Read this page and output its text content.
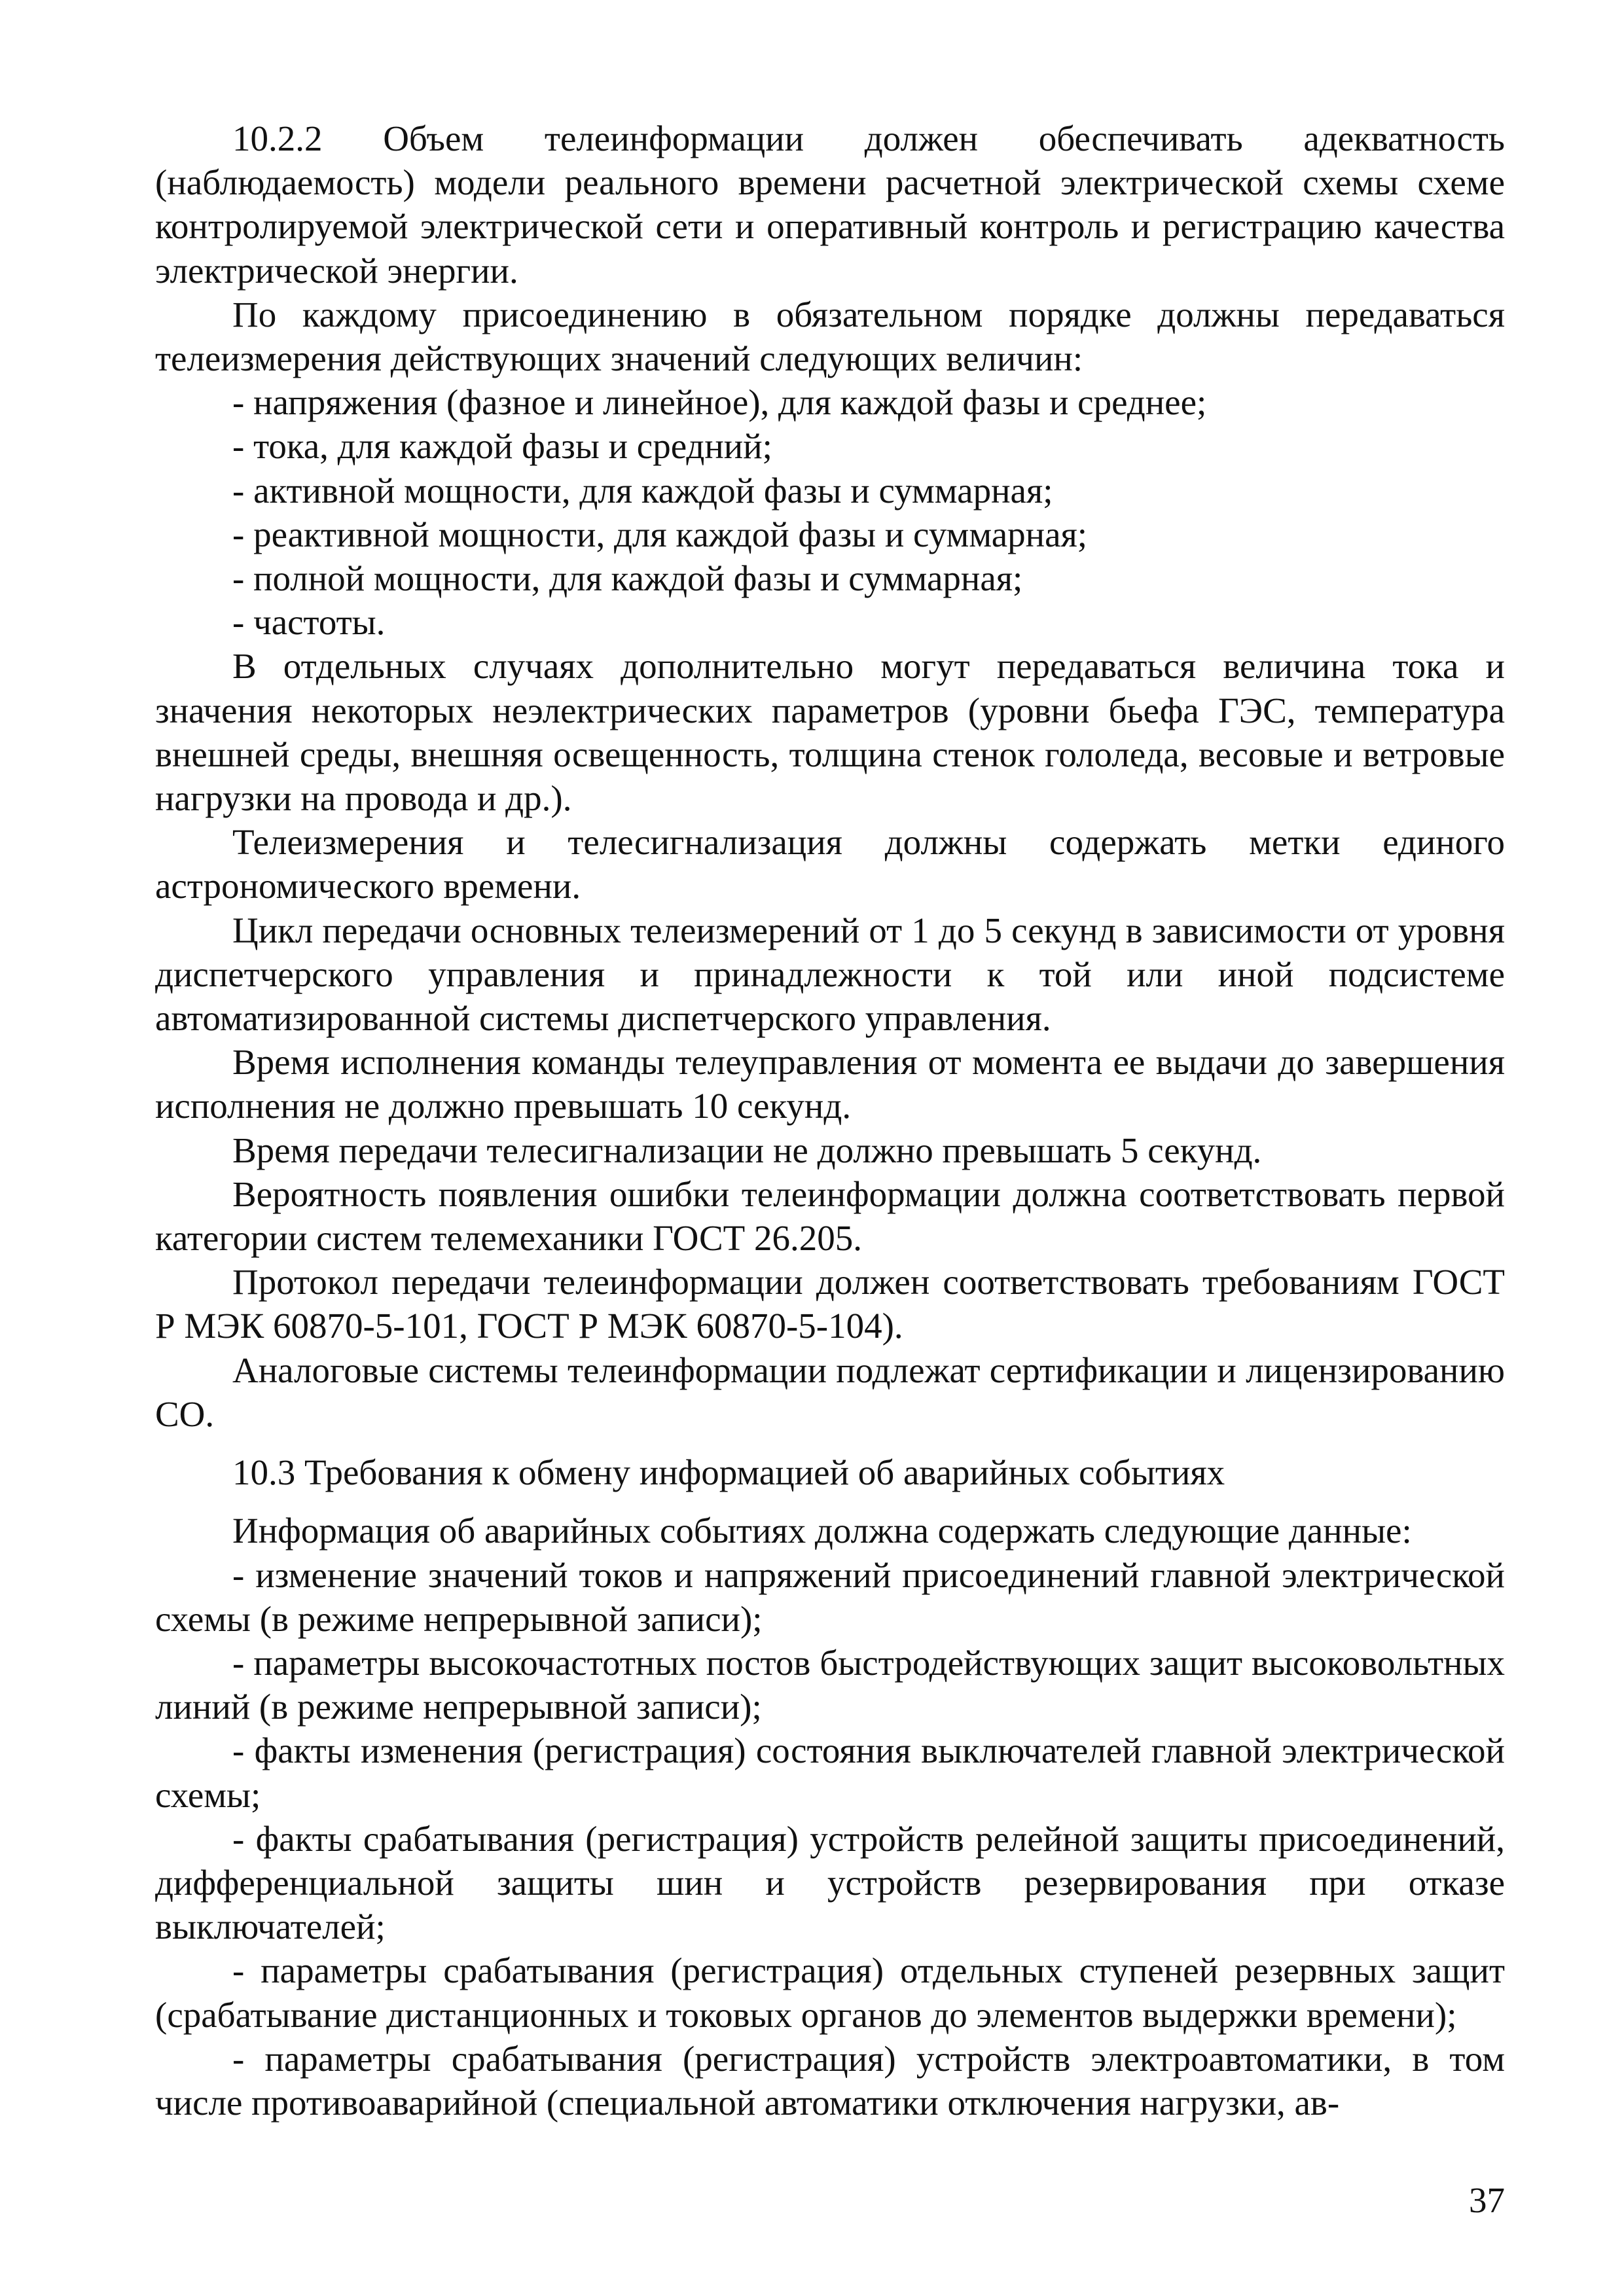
10.2.2 Объем телеинформации должен обеспечивать адекватность (наблюдаемость) модели реального времени расчетной электрической схемы схеме контролируемой электрической сети и оперативный контроль и регистрацию качества электрической энергии.

По каждому присоединению в обязательном порядке должны передаваться телеизмерения действующих значений следующих величин:

- напряжения (фазное и линейное), для каждой фазы и среднее;

- тока, для каждой фазы и средний;

- активной мощности, для каждой фазы и суммарная;

- реактивной мощности, для каждой фазы и суммарная;

- полной мощности, для каждой фазы и суммарная;

- частоты.

В отдельных случаях дополнительно могут передаваться величина тока и значения некоторых неэлектрических параметров (уровни бьефа ГЭС, температура внешней среды, внешняя освещенность, толщина стенок гололеда, весовые и ветровые нагрузки на провода и др.).

Телеизмерения и телесигнализация должны содержать метки единого астрономического времени.

Цикл передачи основных телеизмерений от 1 до 5 секунд в зависимости от уровня диспетчерского управления и принадлежности к той или иной подсистеме автоматизированной системы диспетчерского управления.

Время исполнения команды телеуправления от момента ее выдачи до завершения исполнения не должно превышать 10 секунд.

Время передачи телесигнализации не должно превышать 5 секунд.

Вероятность появления ошибки телеинформации должна соответствовать первой категории систем телемеханики ГОСТ 26.205.

Протокол передачи телеинформации должен соответствовать требованиям ГОСТ Р МЭК 60870-5-101, ГОСТ Р МЭК 60870-5-104).

Аналоговые системы телеинформации подлежат сертификации и лицензированию СО.

10.3 Требования к обмену информацией об аварийных событиях

Информация об аварийных событиях должна содержать следующие данные:

- изменение значений токов и напряжений присоединений главной электрической схемы (в режиме непрерывной записи);

- параметры высокочастотных постов быстродействующих защит высоковольтных линий (в режиме непрерывной записи);

- факты изменения (регистрация) состояния выключателей главной электрической схемы;

- факты срабатывания (регистрация) устройств релейной защиты присоединений, дифференциальной защиты шин и устройств резервирования при отказе выключателей;

- параметры срабатывания (регистрация) отдельных ступеней резервных защит (срабатывание дистанционных и токовых органов до элементов выдержки времени);

- параметры срабатывания (регистрация) устройств электроавтоматики, в том числе противоаварийной (специальной автоматики отключения нагрузки, ав-

37
